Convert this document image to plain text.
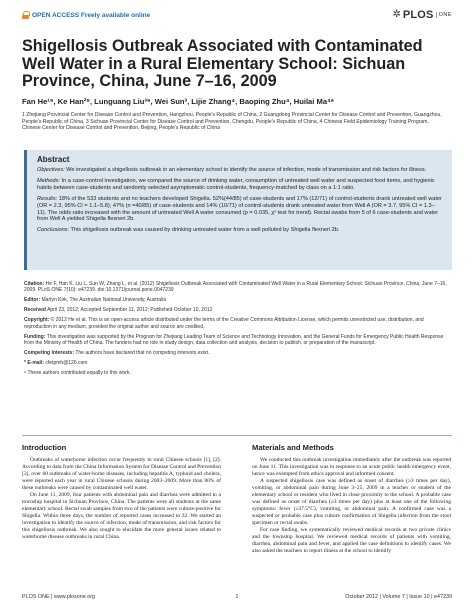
OPEN ACCESS Freely available online	✲ PLOS ONE
Shigellosis Outbreak Associated with Contaminated Well Water in a Rural Elementary School: Sichuan Province, China, June 7–16, 2009
Fan He¹⁹, Ke Han²⁹, Lunguang Liu³⁹, Wei Sun³, Lijie Zhang⁴, Baoping Zhu⁴, Huilai Ma⁴*
1 Zhejiang Provincial Center for Disease Control and Prevention, Hangzhou, People's Republic of China, 2 Guangdong Provincial Center for Disease Control and Prevention, Guangzhou, People's Republic of China, 3 Sichuan Provincial Center for Disease Control and Prevention, Chengdu, People's Republic of China, 4 Chinese Field Epidemiology Training Program, Chinese Center for Disease Control and Prevention, Beijing, People's Republic of China
Abstract

Objectives: We investigated a shigellosis outbreak in an elementary school to identify the source of infection, mode of transmission and risk factors for illness.

Methods: In a case-control investigation, we compared the source of drinking water, consumption of untreated well water and suspected food items, and hygienic habits between case-students and randomly selected asymptomatic control-students, frequency-matched by class on a 1:1 ratio.

Results: 18% of the 533 students and no teachers developed Shigella. 52%(44/85) of case-students and 17% (12/71) of control-students drank untreated well water (OR = 2.3, 95% CI = 1.1–5.8); 47% (n =40/85) of case-students and 14% (10/71) of control-students drank untreated water from Well A (OR = 3.7, 95% CI = 1.3–11). The odds ratio increased with the amount of untreated Well A water consumed (p = 0.035, χ² test for trend). Rectal swabs from 5 of 6 case-students and water from Well A yielded Shigella flexneri 2b.

Conclusions: This shigellosis outbreak was caused by drinking untreated water from a well polluted by Shigella flexneri 2b.

Citation: He F, Han K, Liu L, Sun W, Zhang L, et al. (2012) Shigellosis Outbreak Associated with Contaminated Well Water in a Rural Elementary School: Sichuan Province, China, June 7–16, 2009. PLoS ONE 7(10): e47239. doi:10.1371/journal.pone.0047239

Editor: Martyn Kirk, The Australian National University, Australia

Received April 23, 2012; Accepted September 11, 2012; Published October 10, 2012

Copyright: © 2012 He et al. This is an open-access article distributed under the terms of the Creative Commons Attribution License, which permits unrestricted use, distribution, and reproduction in any medium, provided the original author and source are credited.

Funding: This investigation was supported by the Program for Zhejiang Leading Team of Science and Technology Innovation, and the General Funds for Emergency Public Health Response from the Ministry of Health of China. The funders had no role in study design, data collection and analysis, decision to publish, or preparation of the manuscript.

Competing Interests: The authors have declared that no competing interests exist.

* E-mail: cfetpmh@126.com

⁹ These authors contributed equally to this work.

Introduction

Outbreaks of waterborne infection occur frequently in rural Chinese schools [1], [2]. According to data from the China Information System for Disease Control and Prevention [3], over 60 outbreaks of water-borne diseases, including hepatitis A, typhoid and cholera, were reported each year in rural Chinese schools during 2003–2009. More than 80% of these outbreaks were caused by contaminated well water.

On June 11, 2009, four patients with abdominal pain and diarrhea were admitted to a township hospital in Sichuan Province, China. The patients were all students at the same elementary school. Rectal swab samples from two of the patients were culture-positive for Shigella. Within three days, the number of reported cases increased to 32. We started an investigation to identify the source of infection, mode of transmission, and risk factors for this shigellosis outbreak. We also sought to elucidate the more general issues related to waterborne disease outbreaks in rural China.

Materials and Methods

We conducted this outbreak investigation immediately after the outbreak was reported on June 11. This investigation was in response to an acute public health emergency event, hence was exempted from ethics approval and informed consent.

A suspected shigellosis case was defined as onset of diarrhea (≥3 times per day), vomiting, or abdominal pain during June 3–25, 2009 in a teacher or student of the elementary school or resident who lived in close proximity to the school. A probable case was defined as onset of diarrhea (≥3 times per day) plus at least one of the following symptoms: fever (≥37.5°C), vomiting, or abdominal pain. A confirmed case was a suspected or probable case plus culture confirmation of Shigella infection from the stool specimen or rectal swabs.

For case finding, we systematically reviewed medical records at two private clinics and the township hospital. We reviewed medical records of patients with vomiting, diarrhea, abdominal pain and fever, and applied the case definitions to identify cases. We also asked the teachers to report illness at the school to identify

PLOS ONE | www.plosone.org	1	October 2012 | Volume 7 | Issue 10 | e47239
